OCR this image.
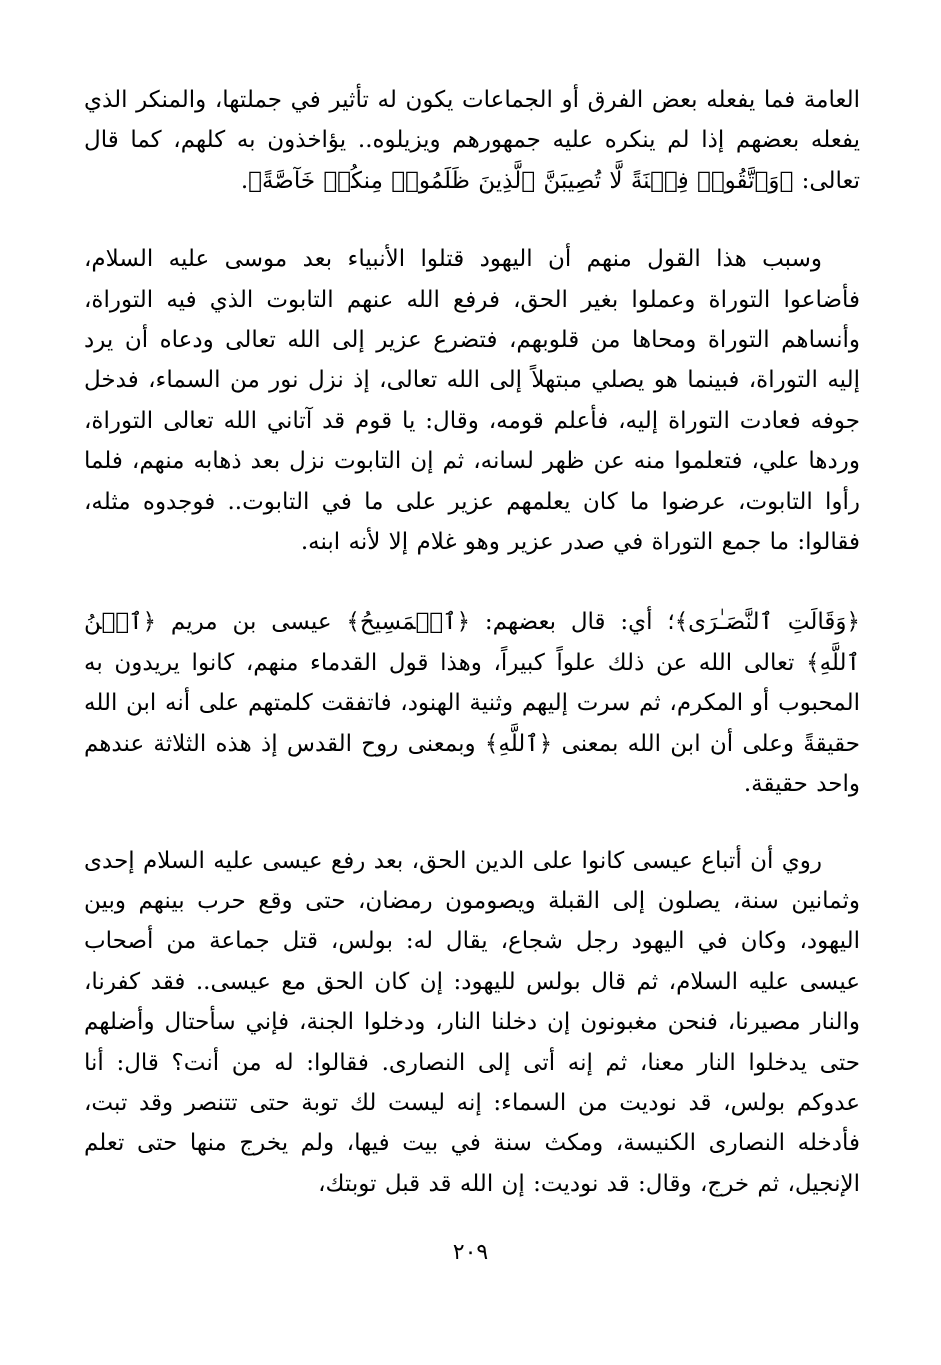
العامة فما يفعله بعض الفرق أو الجماعات يكون له تأثير في جملتها، والمنكر الذي يفعله بعضهم إذا لم ينكره عليه جمهورهم ويزيلوه.. يؤاخذون به كلهم، كما قال تعالى: ﴿وَٱتَّقُوا۟ فِتۡنَةً لَّا تُصِيبَنَّ ٱلَّذِينَ ظَلَمُوا۟ مِنكُمۡ خَآصَّةً﴾.

وسبب هذا القول منهم أن اليهود قتلوا الأنبياء بعد موسى عليه السلام، فأضاعوا التوراة وعملوا بغير الحق، فرفع الله عنهم التابوت الذي فيه التوراة، وأنساهم التوراة ومحاها من قلوبهم، فتضرع عزير إلى الله تعالى ودعاه أن يرد إليه التوراة، فبينما هو يصلي مبتهلاً إلى الله تعالى، إذ نزل نور من السماء، فدخل جوفه فعادت التوراة إليه، فأعلم قومه، وقال: يا قوم قد آتاني الله تعالى التوراة، وردها علي، فتعلموا منه عن ظهر لسانه، ثم إن التابوت نزل بعد ذهابه منهم، فلما رأوا التابوت، عرضوا ما كان يعلمهم عزير على ما في التابوت.. فوجدوه مثله، فقالوا: ما جمع التوراة في صدر عزير وهو غلام إلا لأنه ابنه.

﴿وَقَالَتِ ٱلنَّصَـٰرَى﴾؛ أي: قال بعضهم: ﴿ٱلۡمَسِيحُ﴾ عيسى بن مريم ﴿ٱبۡنُ ٱللَّهِ﴾ تعالى الله عن ذلك علواً كبيراً، وهذا قول القدماء منهم، كانوا يريدون به المحبوب أو المكرم، ثم سرت إليهم وثنية الهنود، فاتفقت كلمتهم على أنه ابن الله حقيقةً وعلى أن ابن الله بمعنى ﴿ٱللَّهِ﴾ وبمعنى روح القدس إذ هذه الثلاثة عندهم واحد حقيقة.

روي أن أتباع عيسى كانوا على الدين الحق، بعد رفع عيسى عليه السلام إحدى وثمانين سنة، يصلون إلى القبلة ويصومون رمضان، حتى وقع حرب بينهم وبين اليهود، وكان في اليهود رجل شجاع، يقال له: بولس، قتل جماعة من أصحاب عيسى عليه السلام، ثم قال بولس لليهود: إن كان الحق مع عيسى.. فقد كفرنا، والنار مصيرنا، فنحن مغبونون إن دخلنا النار، ودخلوا الجنة، فإني سأحتال وأضلهم حتى يدخلوا النار معنا، ثم إنه أتى إلى النصارى. فقالوا: له من أنت؟ قال: أنا عدوكم بولس، قد نوديت من السماء: إنه ليست لك توبة حتى تتنصر وقد تبت، فأدخله النصارى الكنيسة، ومكث سنة في بيت فيها، ولم يخرج منها حتى تعلم الإنجيل، ثم خرج، وقال: قد نوديت: إن الله قد قبل توبتك،

٢٠٩
